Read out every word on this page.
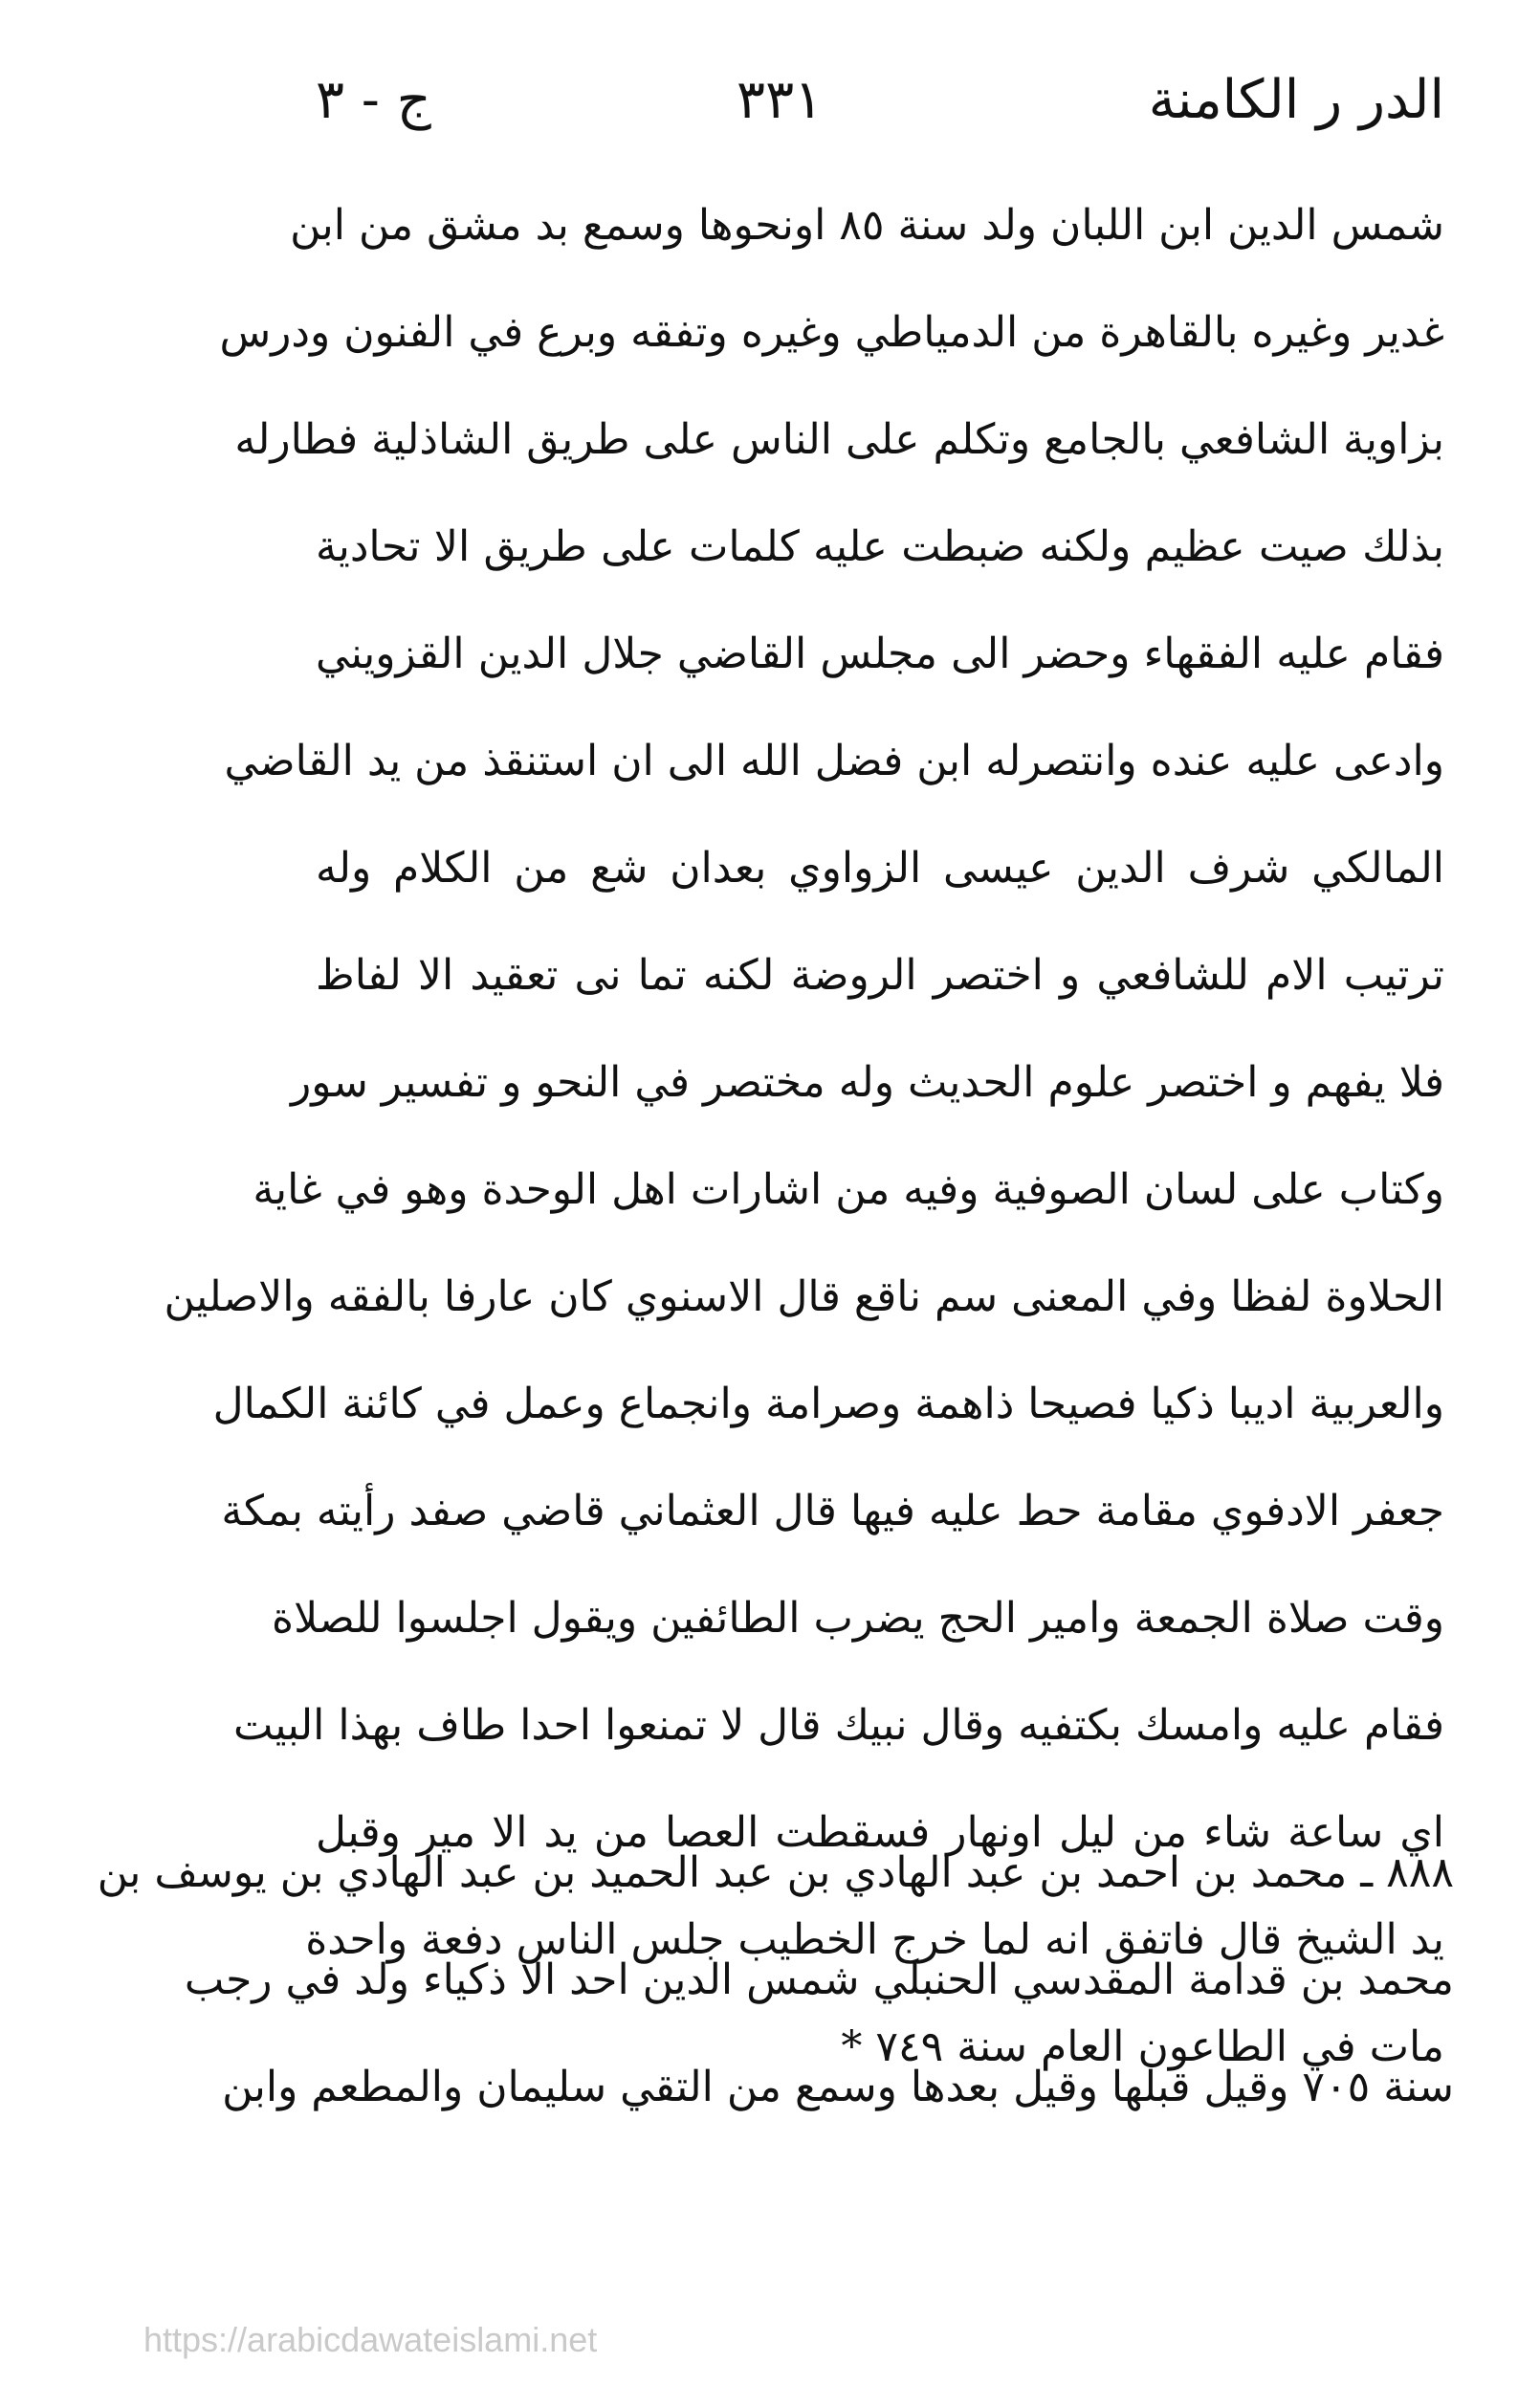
الدر ر الكامنة
٣٣١
ج - ٣
شمس الدين ابن اللبان ولد سنة ٨٥ اونحوها وسمع بد مشق من ابن
غدير وغيره بالقاهرة من الدمياطي وغيره وتفقه وبرع في الفنون ودرس
بزاوية الشافعي بالجامع وتكلم على الناس على طريق الشاذلية فطارله
بذلك صيت عظيم ولكنه ضبطت عليه كلمات على طريق الا تحادية
فقام عليه الفقهاء وحضر الى مجلس القاضي جلال الدين القزويني
وادعى عليه عنده وانتصرله ابن فضل الله الى ان استنقذ من يد القاضي
المالكي شرف الدين عيسى الزواوي بعدان شع من الكلام وله
ترتيب الام للشافعي و اختصر الروضة لكنه تما نى تعقيد الا لفاظ
فلا يفهم و اختصر علوم الحديث وله مختصر في النحو و تفسير سور
وكتاب على لسان الصوفية وفيه من اشارات اهل الوحدة وهو في غاية
الحلاوة لفظا وفي المعنى سم ناقع قال الاسنوي كان عارفا بالفقه والاصلين
والعربية اديبا ذكيا فصيحا ذاهمة وصرامة وانجماع وعمل في كائنة الكمال
جعفر الادفوي مقامة حط عليه فيها قال العثماني قاضي صفد رأيته بمكة
وقت صلاة الجمعة وامير الحج يضرب الطائفين ويقول اجلسوا للصلاة
فقام عليه وامسك بكتفيه وقال نبيك قال لا تمنعوا احدا طاف بهذا البيت
اي ساعة شاء من ليل اونهار فسقطت العصا من يد الا مير وقبل
يد الشيخ قال فاتفق انه لما خرج الخطيب جلس الناس دفعة واحدة
مات في الطاعون العام سنة ٧٤٩ *
٨٨٨ ـ محمد بن احمد بن عبد الهادي بن عبد الحميد بن عبد الهادي بن يوسف بن
محمد بن قدامة المقدسي الحنبلي شمس الدين احد الا ذكياء ولد في رجب
سنة ٧٠٥ وقيل قبلها وقيل بعدها وسمع من التقي سليمان والمطعم وابن
https://arabicdawateislami.net
